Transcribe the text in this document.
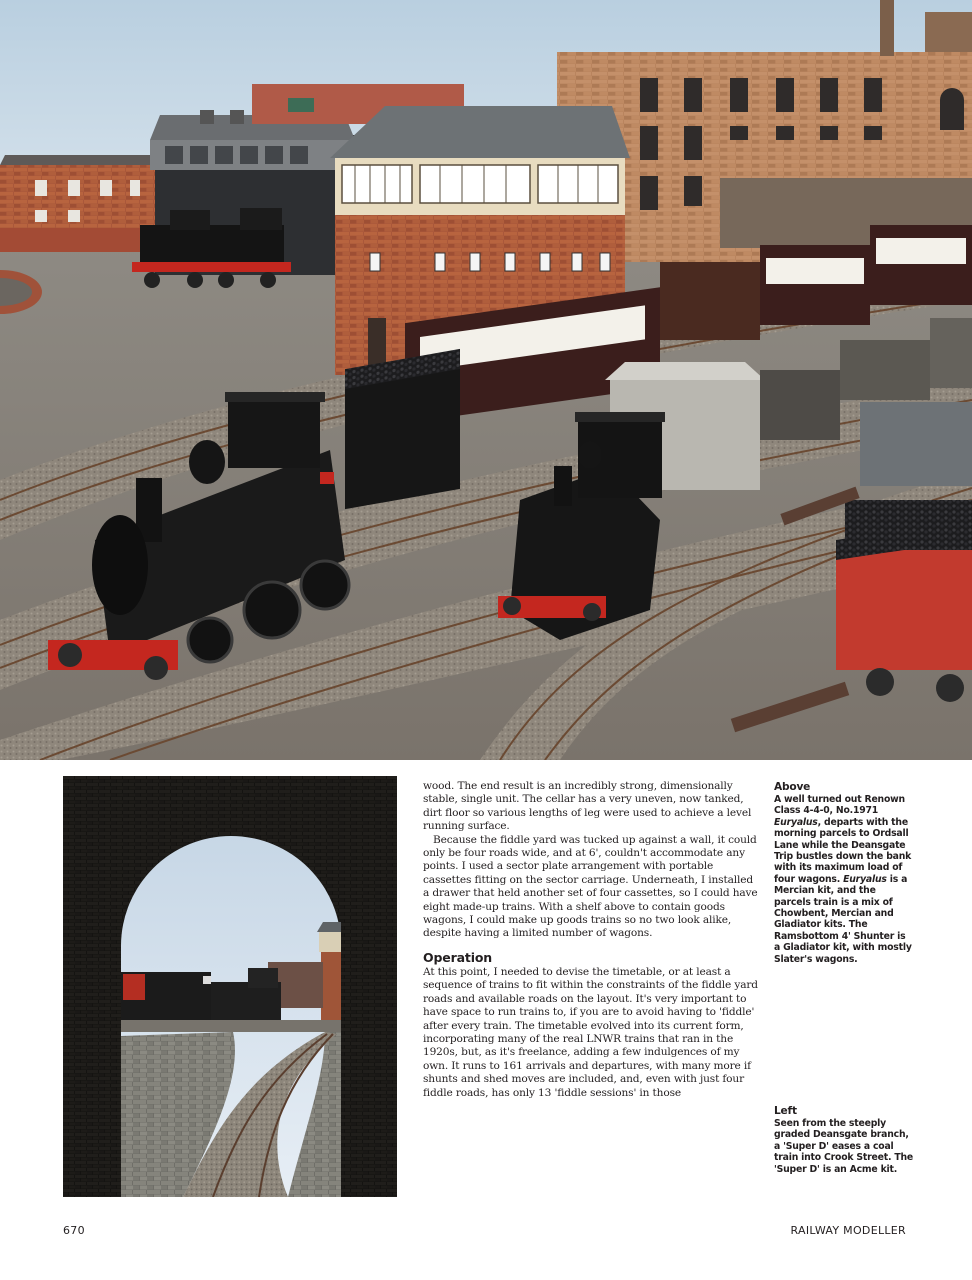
wood. The end result is an incredibly strong, dimensionally stable, single unit. The cellar has a very uneven, now tanked, dirt floor so various lengths of leg were used to achieve a level running surface.

Because the fiddle yard was tucked up against a wall, it could only be four roads wide, and at 6', couldn't accommodate any points. I used a sector plate arrangement with portable cassettes fitting on the sector carriage. Underneath, I installed a drawer that held another set of four cassettes, so I could have eight made-up trains. With a shelf above to contain goods wagons, I could make up goods trains so no two look alike, despite having a limited number of wagons.

Operation

At this point, I needed to devise the timetable, or at least a sequence of trains to fit within the constraints of the fiddle yard roads and available roads on the layout. It's very important to have space to run trains to, if you are to avoid having to 'fiddle' after every train. The timetable evolved into its current form, incorporating many of the real LNWR trains that ran in the 1920s, but, as it's freelance, adding a few indulgences of my own. It runs to 161 arrivals and departures, with many more if shunts and shed moves are included, and, even with just four fiddle roads, has only 13 'fiddle sessions' in those

Above
A well turned out Renown Class 4-4-0, No.1971 Euryalus, departs with the morning parcels to Ordsall Lane while the Deansgate Trip bustles down the bank with its maximum load of four wagons. Euryalus is a Mercian kit, and the parcels train is a mix of Chowbent, Mercian and Gladiator kits. The Ramsbottom 4' Shunter is a Gladiator kit, with mostly Slater's wagons.
Left
Seen from the steeply graded Deansgate branch, a 'Super D' eases a coal train into Crook Street. The 'Super D' is an Acme kit.
670	RAILWAY MODELLER
